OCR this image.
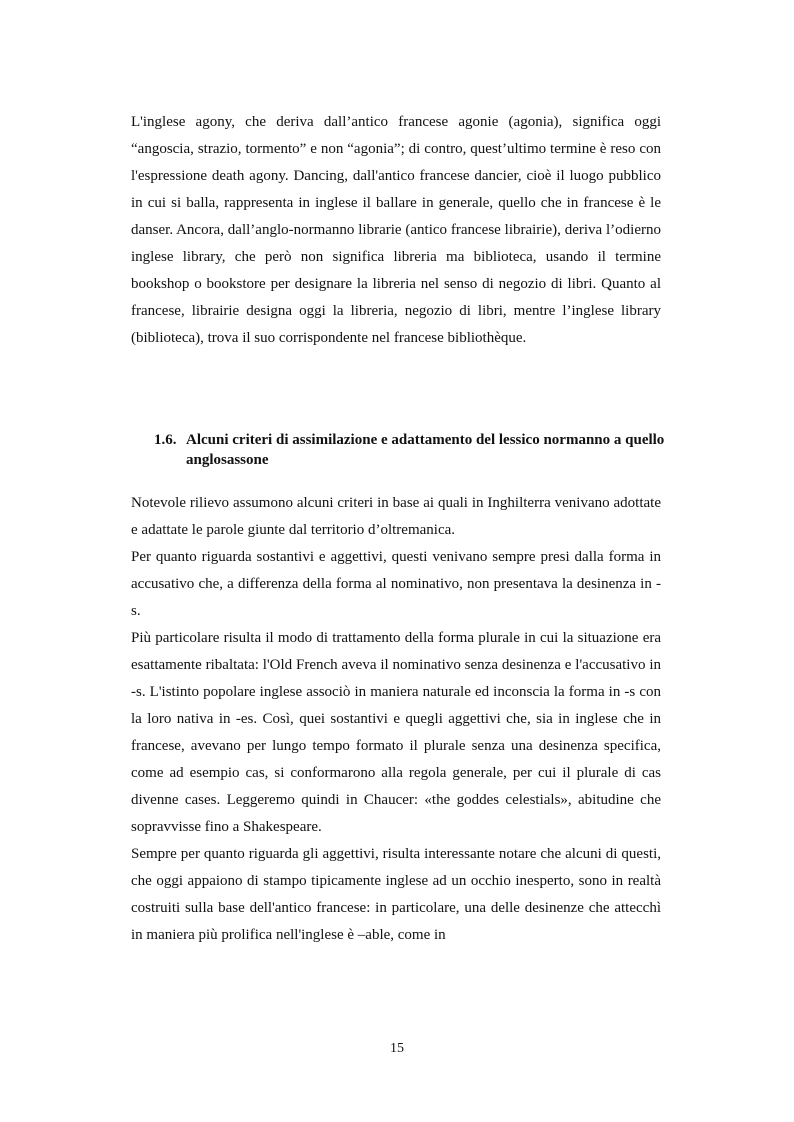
L'inglese agony, che deriva dall’antico francese agonie (agonia), significa oggi “angoscia, strazio, tormento” e non “agonia”; di contro, quest’ultimo termine è reso con l'espressione death agony. Dancing, dall'antico francese dancier, cioè il luogo pubblico in cui si balla, rappresenta in inglese il ballare in generale, quello che in francese è le danser. Ancora, dall’anglo-normanno librarie (antico francese librairie), deriva l’odierno inglese library, che però non significa libreria ma biblioteca, usando il termine bookshop o bookstore per designare la libreria nel senso di negozio di libri. Quanto al francese, librairie designa oggi la libreria, negozio di libri, mentre l’inglese library (biblioteca), trova il suo corrispondente nel francese bibliothèque.

1.6. Alcuni criteri di assimilazione e adattamento del lessico normanno a quello anglosassone

Notevole rilievo assumono alcuni criteri in base ai quali in Inghilterra venivano adottate e adattate le parole giunte dal territorio d’oltremanica.

Per quanto riguarda sostantivi e aggettivi, questi venivano sempre presi dalla forma in accusativo che, a differenza della forma al nominativo, non presentava la desinenza in -s.

Più particolare risulta il modo di trattamento della forma plurale in cui la situazione era esattamente ribaltata: l'Old French aveva il nominativo senza desinenza e l'accusativo in -s. L'istinto popolare inglese associò in maniera naturale ed inconscia la forma in -s con la loro nativa in -es. Così, quei sostantivi e quegli aggettivi che, sia in inglese che in francese, avevano per lungo tempo formato il plurale senza una desinenza specifica, come ad esempio cas, si conformarono alla regola generale, per cui il plurale di cas divenne cases. Leggeremo quindi in Chaucer: «the goddes celestials», abitudine che sopravvisse fino a Shakespeare.

Sempre per quanto riguarda gli aggettivi, risulta interessante notare che alcuni di questi, che oggi appaiono di stampo tipicamente inglese ad un occhio inesperto, sono in realtà costruiti sulla base dell'antico francese: in particolare, una delle desinenze che attecchì in maniera più prolifica nell'inglese è –able, come in

15
